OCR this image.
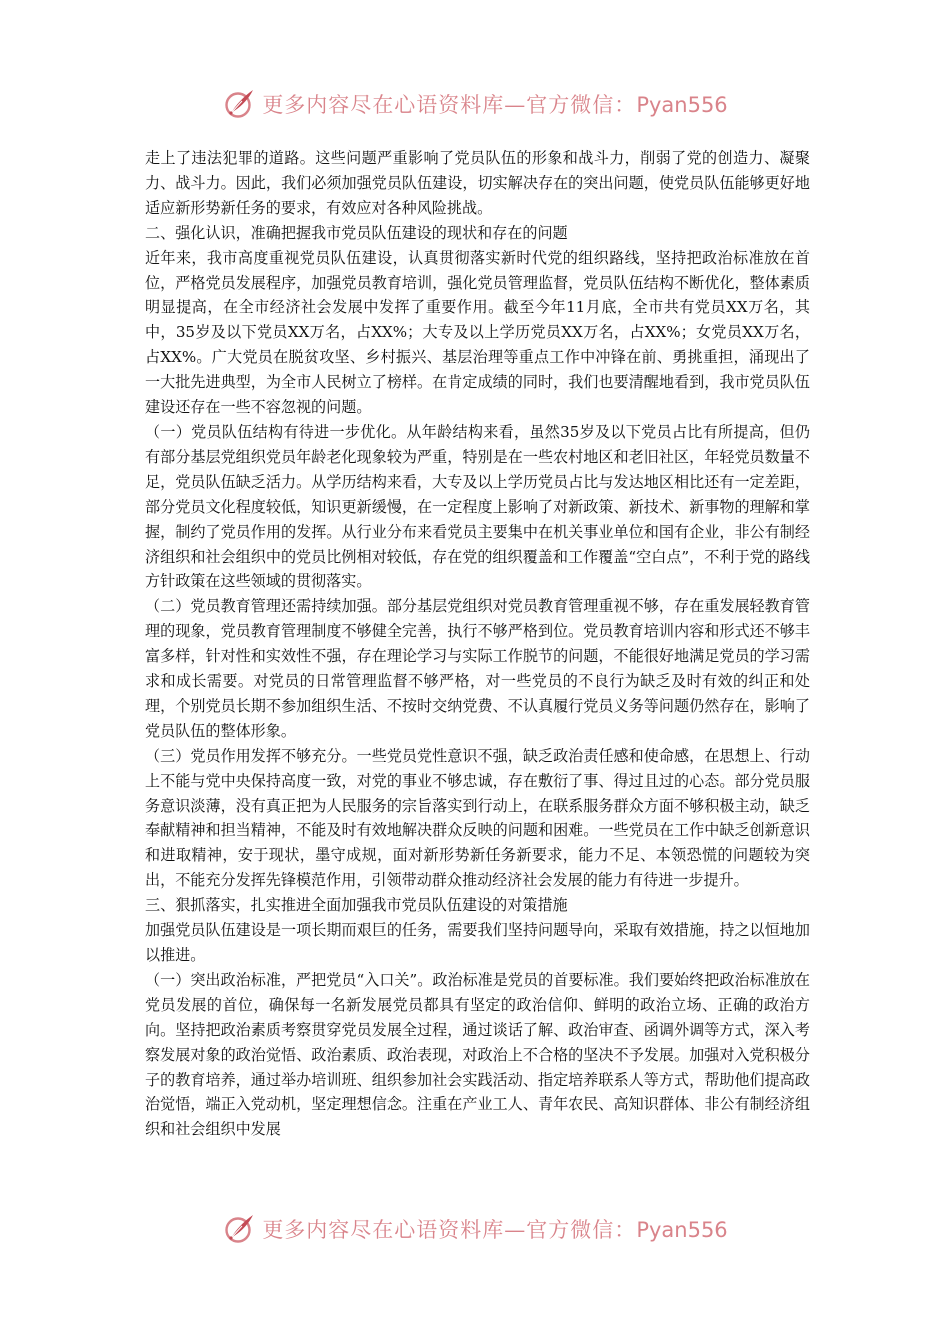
更多内容尽在心语资料库—官方微信：Pyan556

走上了违法犯罪的道路。这些问题严重影响了党员队伍的形象和战斗力，削弱了党的创造力、凝聚力、战斗力。因此，我们必须加强党员队伍建设，切实解决存在的突出问题，使党员队伍能够更好地适应新形势新任务的要求，有效应对各种风险挑战。

二、强化认识，准确把握我市党员队伍建设的现状和存在的问题

近年来，我市高度重视党员队伍建设，认真贯彻落实新时代党的组织路线，坚持把政治标准放在首位，严格党员发展程序，加强党员教育培训，强化党员管理监督，党员队伍结构不断优化，整体素质明显提高，在全市经济社会发展中发挥了重要作用。截至今年11月底，全市共有党员XX万名，其中，35岁及以下党员XX万名，占XX%；大专及以上学历党员XX万名，占XX%；女党员XX万名，占XX%。广大党员在脱贫攻坚、乡村振兴、基层治理等重点工作中冲锋在前、勇挑重担，涌现出了一大批先进典型，为全市人民树立了榜样。在肯定成绩的同时，我们也要清醒地看到，我市党员队伍建设还存在一些不容忽视的问题。

（一）党员队伍结构有待进一步优化。从年龄结构来看，虽然35岁及以下党员占比有所提高，但仍有部分基层党组织党员年龄老化现象较为严重，特别是在一些农村地区和老旧社区，年轻党员数量不足，党员队伍缺乏活力。从学历结构来看，大专及以上学历党员占比与发达地区相比还有一定差距，部分党员文化程度较低，知识更新缓慢，在一定程度上影响了对新政策、新技术、新事物的理解和掌握，制约了党员作用的发挥。从行业分布来看党员主要集中在机关事业单位和国有企业，非公有制经济组织和社会组织中的党员比例相对较低，存在党的组织覆盖和工作覆盖“空白点”，不利于党的路线方针政策在这些领域的贯彻落实。

（二）党员教育管理还需持续加强。部分基层党组织对党员教育管理重视不够，存在重发展轻教育管理的现象，党员教育管理制度不够健全完善，执行不够严格到位。党员教育培训内容和形式还不够丰富多样，针对性和实效性不强，存在理论学习与实际工作脱节的问题，不能很好地满足党员的学习需求和成长需要。对党员的日常管理监督不够严格，对一些党员的不良行为缺乏及时有效的纠正和处理，个别党员长期不参加组织生活、不按时交纳党费、不认真履行党员义务等问题仍然存在，影响了党员队伍的整体形象。

（三）党员作用发挥不够充分。一些党员党性意识不强，缺乏政治责任感和使命感，在思想上、行动上不能与党中央保持高度一致，对党的事业不够忠诚，存在敷衍了事、得过且过的心态。部分党员服务意识淡薄，没有真正把为人民服务的宗旨落实到行动上，在联系服务群众方面不够积极主动，缺乏奉献精神和担当精神，不能及时有效地解决群众反映的问题和困难。一些党员在工作中缺乏创新意识和进取精神，安于现状，墨守成规，面对新形势新任务新要求，能力不足、本领恐慌的问题较为突出，不能充分发挥先锋模范作用，引领带动群众推动经济社会发展的能力有待进一步提升。

三、狠抓落实，扎实推进全面加强我市党员队伍建设的对策措施

加强党员队伍建设是一项长期而艰巨的任务，需要我们坚持问题导向，采取有效措施，持之以恒地加以推进。

（一）突出政治标准，严把党员“入口关”。政治标准是党员的首要标准。我们要始终把政治标准放在党员发展的首位，确保每一名新发展党员都具有坚定的政治信仰、鲜明的政治立场、正确的政治方向。坚持把政治素质考察贯穿党员发展全过程，通过谈话了解、政治审查、函调外调等方式，深入考察发展对象的政治觉悟、政治素质、政治表现，对政治上不合格的坚决不予发展。加强对入党积极分子的教育培养，通过举办培训班、组织参加社会实践活动、指定培养联系人等方式，帮助他们提高政治觉悟，端正入党动机，坚定理想信念。注重在产业工人、青年农民、高知识群体、非公有制经济组织和社会组织中发展

更多内容尽在心语资料库—官方微信：Pyan556
